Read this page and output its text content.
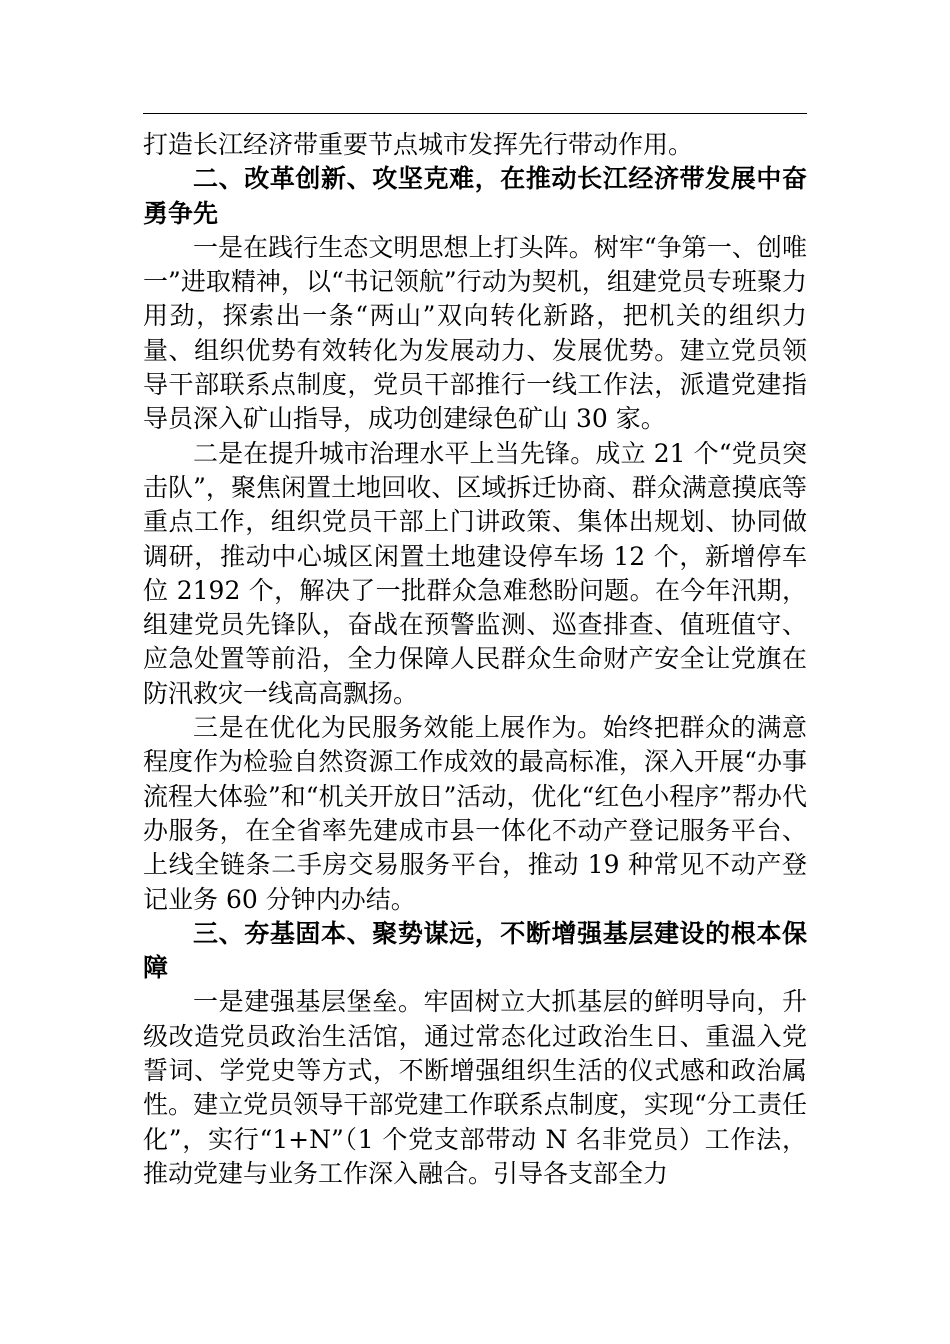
打造长江经济带重要节点城市发挥先行带动作用。

二、改革创新、攻坚克难，在推动长江经济带发展中奋勇争先

一是在践行生态文明思想上打头阵。树牢“争第一、创唯一”进取精神，以“书记领航”行动为契机，组建党员专班聚力用劲，探索出一条“两山”双向转化新路，把机关的组织力量、组织优势有效转化为发展动力、发展优势。建立党员领导干部联系点制度，党员干部推行一线工作法，派遣党建指导员深入矿山指导，成功创建绿色矿山 30 家。

二是在提升城市治理水平上当先锋。成立 21 个“党员突击队”，聚焦闲置土地回收、区域拆迁协商、群众满意摸底等重点工作，组织党员干部上门讲政策、集体出规划、协同做调研，推动中心城区闲置土地建设停车场 12 个，新增停车位 2192 个，解决了一批群众急难愁盼问题。在今年汛期，组建党员先锋队，奋战在预警监测、巡查排查、值班值守、应急处置等前沿，全力保障人民群众生命财产安全让党旗在防汛救灾一线高高飘扬。

三是在优化为民服务效能上展作为。始终把群众的满意程度作为检验自然资源工作成效的最高标准，深入开展“办事流程大体验”和“机关开放日”活动，优化“红色小程序”帮办代办服务，在全省率先建成市县一体化不动产登记服务平台、上线全链条二手房交易服务平台，推动 19 种常见不动产登记业务 60 分钟内办结。

三、夯基固本、聚势谋远，不断增强基层建设的根本保障

一是建强基层堡垒。牢固树立大抓基层的鲜明导向，升级改造党员政治生活馆，通过常态化过政治生日、重温入党誓词、学党史等方式，不断增强组织生活的仪式感和政治属性。建立党员领导干部党建工作联系点制度，实现“分工责任化”，实行“1+N”（1 个党支部带动 N 名非党员）工作法，推动党建与业务工作深入融合。引导各支部全力
